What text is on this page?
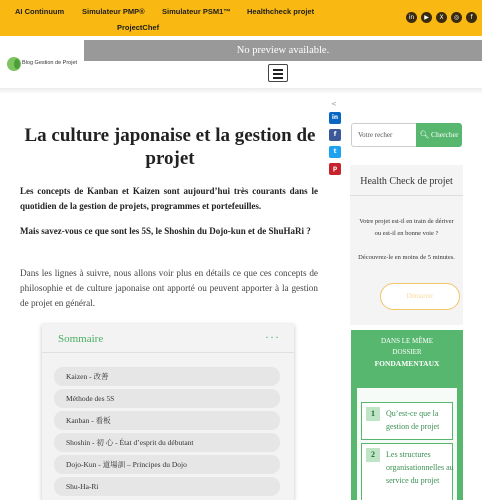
AI Continuum Simulateur PMP® Simulateur PSM1™ Healthcheck projet
ProjectChef
in	▶	X	◎	f
Blog Gestion de Projet
No preview available.
La culture japonaise et la gestion de projet

Les concepts de Kanban et Kaizen sont aujourd’hui très courants dans le quotidien de la gestion de projets, programmes et portefeuilles.

Mais savez-vous ce que sont les 5S, le Shoshin du Dojo-kun et de ShuHaRi ?

Dans les lignes à suivre, nous allons voir plus en détails ce que ces concepts de philosophie et de culture japonaise ont apporté ou peuvent apporter à la gestion de projet en général.

Sommaire	···
Kaizen - 改善
Méthode des 5S
Kanban - 看板
Shoshin - 初 心 - État d’esprit du débutant
Dojo-Kun - 道場訓 – Principes du Dojo
Shu-Ha-Ri
<
in
f
t
p
Votre recher	🔍︎ Chercher
Health Check de projet
Votre projet est-il en train de dériver ou est-il en bonne voie ?
Découvrez-le en moins de 5 minutes.
Démarrer
DANS LE MÊME
DOSSIER
FONDAMENTAUX
1	Qu’est-ce que la gestion de projet
2	Les structures organisationnelles au service du projet
